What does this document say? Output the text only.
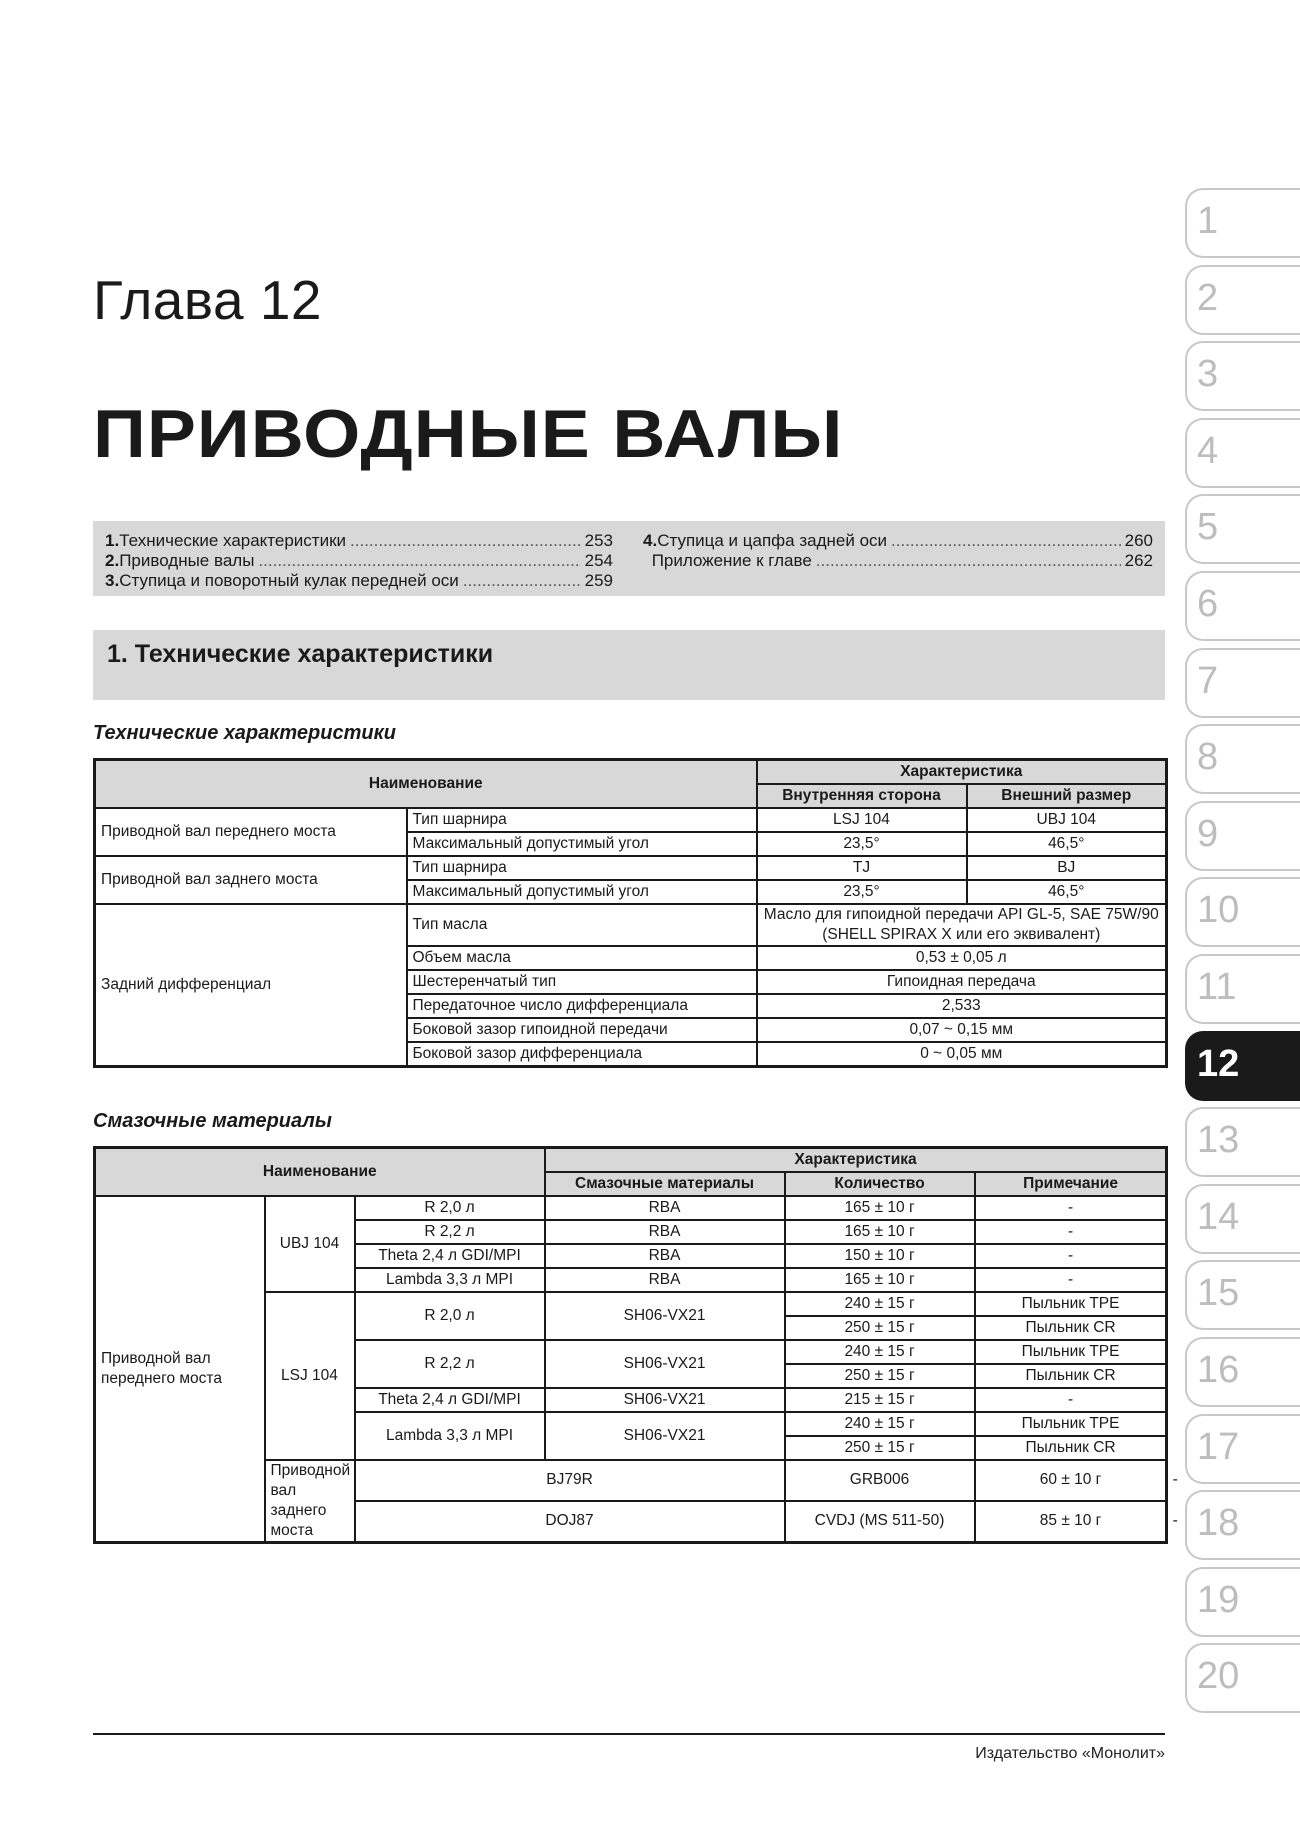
Глава 12
ПРИВОДНЫЕ ВАЛЫ
1. Технические характеристики .....	253
2. Приводные валы .....	254
3. Ступица и поворотный кулак передней оси .....	259
4. Ступица и цапфа задней оси .....	260
Приложение к главе .....	262
1. Технические характеристики
Технические характеристики
Наименование		Характеристика	
		Внутренняя сторона	Внешний размер
Приводной вал переднего моста	Тип шарнира	LSJ 104	UBJ 104
	Максимальный допустимый угол	23,5°	46,5°
Приводной вал заднего моста	Тип шарнира	TJ	BJ
	Максимальный допустимый угол	23,5°	46,5°
Задний дифференциал	Тип масла	Масло для гипоидной передачи API GL-5, SAE 75W/90 (SHELL SPIRAX X или его эквивалент)	
	Объем масла	0,53 ± 0,05 л	
	Шестеренчатый тип	Гипоидная передача	
	Передаточное число дифференциала	2,533	
	Боковой зазор гипоидной передачи	0,07 ~ 0,15 мм	
	Боковой зазор дифференциала	0 ~ 0,05 мм	
Смазочные материалы
Наименование			Характеристика			
			Смазочные материалы	Количество	Примечание	
Приводной вал переднего моста	UBJ 104	R 2,0 л	RBA	165 ± 10 г	-	
		R 2,2 л	RBA	165 ± 10 г	-	
		Theta 2,4 л GDI/MPI	RBA	150 ± 10 г	-	
		Lambda 3,3 л MPI	RBA	165 ± 10 г	-	
	LSJ 104	R 2,0 л	SH06-VX21	240 ± 15 г	Пыльник TPE	
				250 ± 15 г	Пыльник CR	
		R 2,2 л	SH06-VX21	240 ± 15 г	Пыльник TPE	
				250 ± 15 г	Пыльник CR	
		Theta 2,4 л GDI/MPI	SH06-VX21	215 ± 15 г	-	
		Lambda 3,3 л MPI	SH06-VX21	240 ± 15 г	Пыльник TPE	
				250 ± 15 г	Пыльник CR	
	Приводной вал заднего моста	BJ79R		GRB006	60 ± 10 г	-
		DOJ87		CVDJ (MS 511-50)	85 ± 10 г	-
1
2
3
4
5
6
7
8
9
10
11
12
13
14
15
16
17
18
19
20
Издательство «Монолит»
